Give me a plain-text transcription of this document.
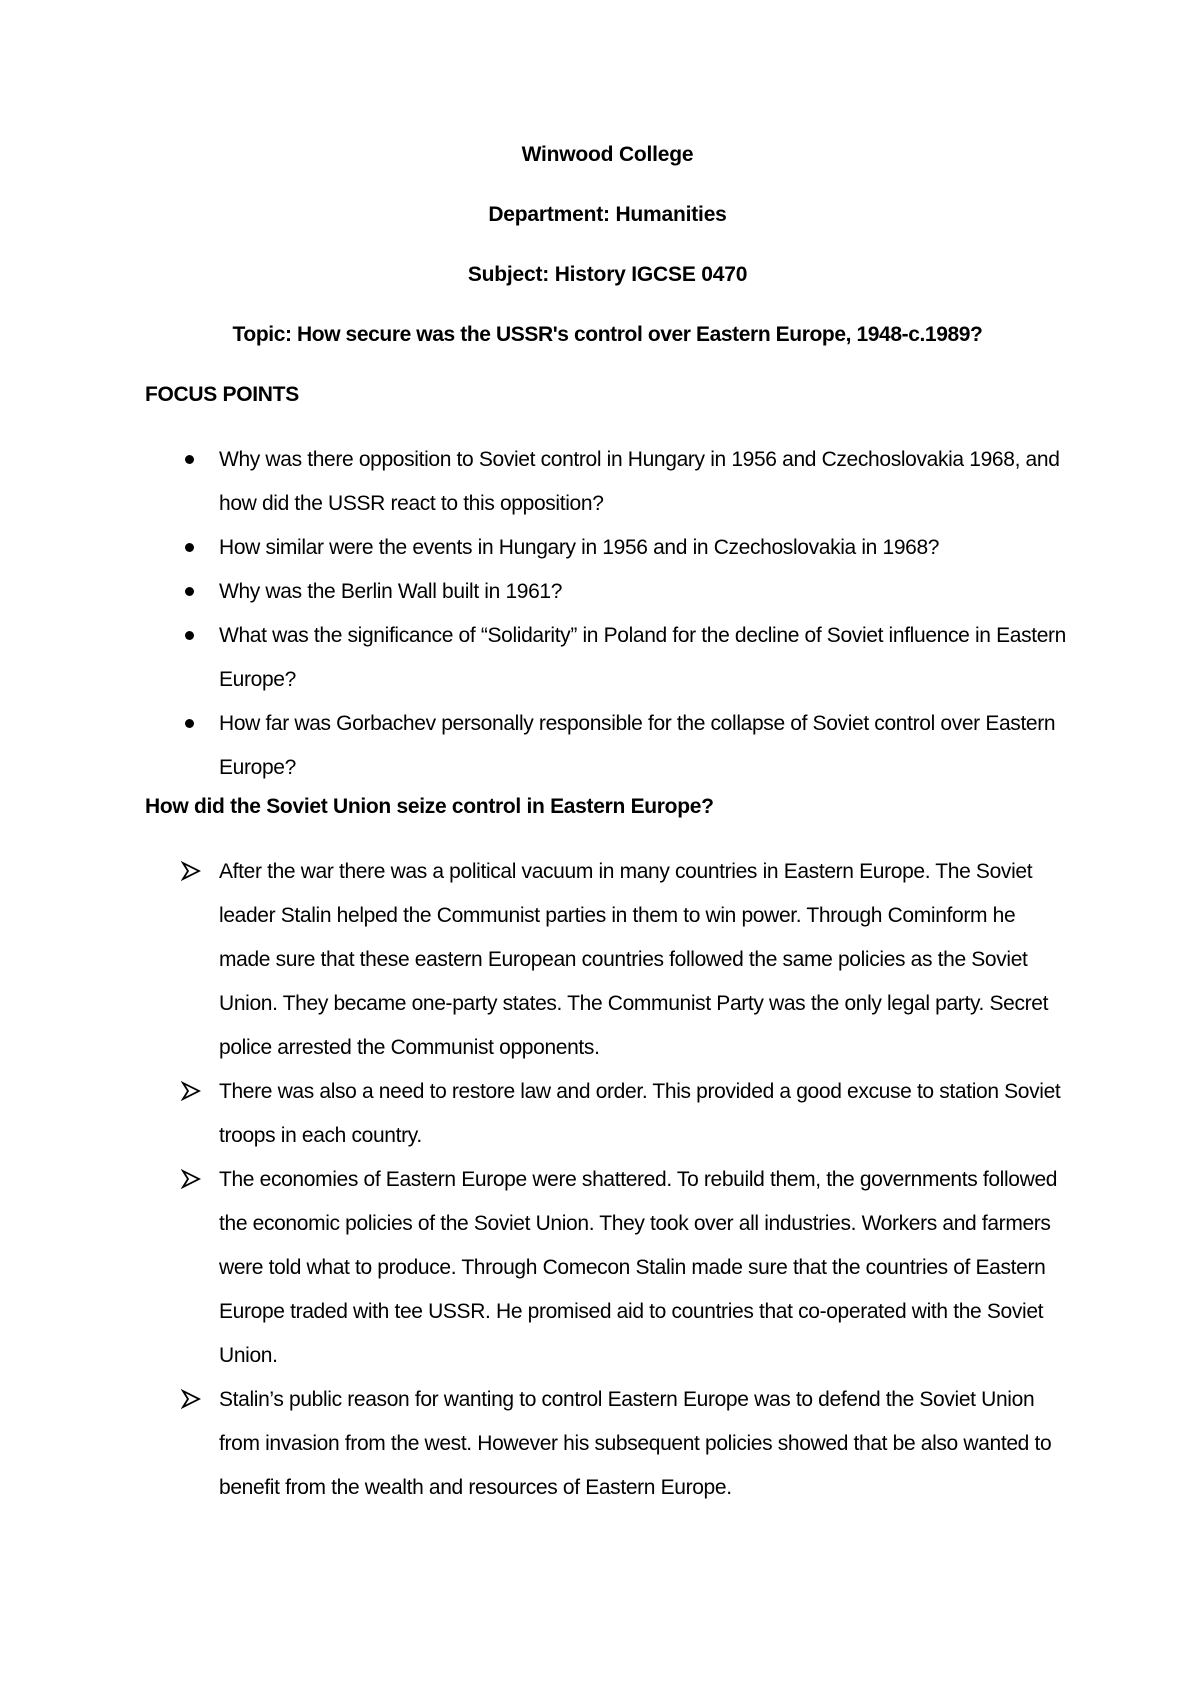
Winwood College

Department: Humanities

Subject: History IGCSE 0470

Topic: How secure was the USSR's control over Eastern Europe, 1948-c.1989?

FOCUS POINTS

Why was there opposition to Soviet control in Hungary in 1956 and Czechoslovakia 1968, and how did the USSR react to this opposition?
How similar were the events in Hungary in 1956 and in Czechoslovakia in 1968?
Why was the Berlin Wall built in 1961?
What was the significance of “Solidarity” in Poland for the decline of Soviet influence in Eastern Europe?
How far was Gorbachev personally responsible for the collapse of Soviet control over Eastern Europe?

How did the Soviet Union seize control in Eastern Europe?

After the war there was a political vacuum in many countries in Eastern Europe. The Soviet leader Stalin helped the Communist parties in them to win power. Through Cominform he made sure that these eastern European countries followed the same policies as the Soviet Union. They became one-party states. The Communist Party was the only legal party. Secret police arrested the Communist opponents.
There was also a need to restore law and order. This provided a good excuse to station Soviet troops in each country.
The economies of Eastern Europe were shattered. To rebuild them, the governments followed the economic policies of the Soviet Union. They took over all industries. Workers and farmers were told what to produce. Through Comecon Stalin made sure that the countries of Eastern Europe traded with tee USSR. He promised aid to countries that co-operated with the Soviet Union.
Stalin’s public reason for wanting to control Eastern Europe was to defend the Soviet Union from invasion from the west. However his subsequent policies showed that be also wanted to benefit from the wealth and resources of Eastern Europe.
